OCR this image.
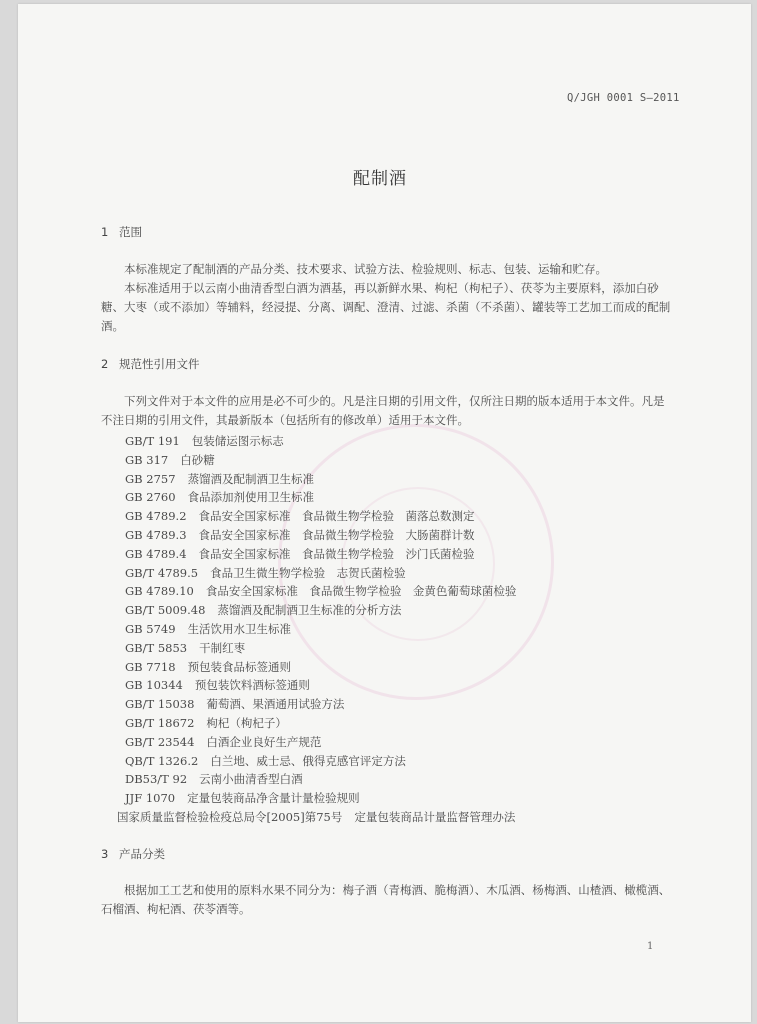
Q/JGH 0001 S—2011
配制酒
1 范围
本标准规定了配制酒的产品分类、技术要求、试验方法、检验规则、标志、包装、运输和贮存。
本标准适用于以云南小曲清香型白酒为酒基，再以新鲜水果、枸杞（枸杞子）、茯苓为主要原料，添加白砂糖、大枣（或不添加）等辅料，经浸提、分离、调配、澄清、过滤、杀菌（不杀菌）、罐装等工艺加工而成的配制酒。
2 规范性引用文件
下列文件对于本文件的应用是必不可少的。凡是注日期的引用文件，仅所注日期的版本适用于本文件。凡是不注日期的引用文件，其最新版本（包括所有的修改单）适用于本文件。
GB/T 191 包装储运图示标志
GB 317 白砂糖
GB 2757 蒸馏酒及配制酒卫生标准
GB 2760 食品添加剂使用卫生标准
GB 4789.2 食品安全国家标准　食品微生物学检验　菌落总数测定
GB 4789.3 食品安全国家标准　食品微生物学检验　大肠菌群计数
GB 4789.4 食品安全国家标准　食品微生物学检验　沙门氏菌检验
GB/T 4789.5 食品卫生微生物学检验　志贺氏菌检验
GB 4789.10 食品安全国家标准　食品微生物学检验　金黄色葡萄球菌检验
GB/T 5009.48 蒸馏酒及配制酒卫生标准的分析方法
GB 5749 生活饮用水卫生标准
GB/T 5853 干制红枣
GB 7718 预包装食品标签通则
GB 10344 预包装饮料酒标签通则
GB/T 15038 葡萄酒、果酒通用试验方法
GB/T 18672 枸杞（枸杞子）
GB/T 23544 白酒企业良好生产规范
QB/T 1326.2 白兰地、威士忌、俄得克感官评定方法
DB53/T 92 云南小曲清香型白酒
JJF 1070 定量包装商品净含量计量检验规则
国家质量监督检验检疫总局令[2005]第75号 定量包装商品计量监督管理办法
3 产品分类
根据加工工艺和使用的原料水果不同分为：梅子酒（青梅酒、脆梅酒）、木瓜酒、杨梅酒、山楂酒、橄榄酒、石榴酒、枸杞酒、茯苓酒等。
1
